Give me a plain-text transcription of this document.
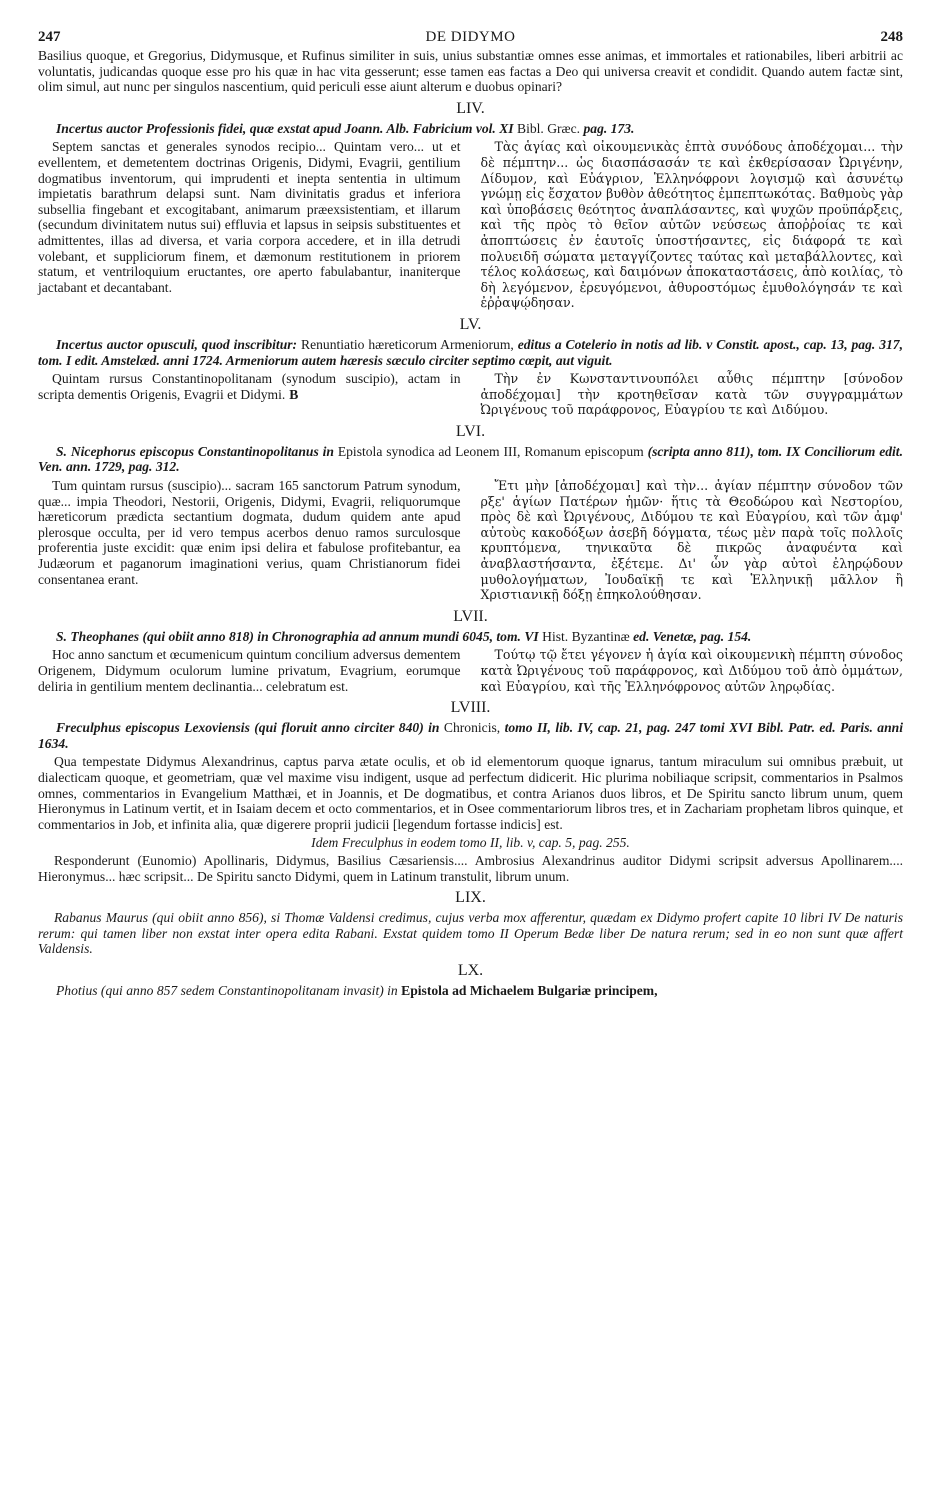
247	DE DIDYMO	248

Basilius quoque, et Gregorius, Didymusque, et Rufinus similiter in suis, unius substantiæ omnes esse animas, et immortales et rationabiles, liberi arbitrii ac voluntatis, judicandas quoque esse pro his quæ in hac vita gesserunt; esse tamen eas factas a Deo qui universa creavit et condidit. Quando autem factæ sint, olim simul, aut nunc per singulos nascentium, quid periculi esse aiunt alterum e duobus opinari?

LIV.

Incertus auctor Professionis fidei, quæ exstat apud Joann. Alb. Fabricium vol. XI Bibl. Græc. pag. 173.

Septem sanctas et generales synodos recipio... Quintam vero... ut et evellentem, et demetentem doctrinas Origenis, Didymi, Evagrii, gentilium dogmatibus inventorum, qui imprudenti et inepta sententia in ultimum impietatis barathrum delapsi sunt. Nam divinitatis gradus et inferiora subsellia fingebant et excogitabant, animarum præexsistentiam, et illarum (secundum divinitatem nutus sui) effluvia et lapsus in seipsis substituentes et admittentes, illas ad diversa, et varia corpora accedere, et in illa detrudi volebant, et suppliciorum finem, et dæmonum restitutionem in priorem statum, et ventriloquium eructantes, ore aperto fabulabantur, inaniterque jactabant et decantabant.

Τὰς ἁγίας καὶ οἰκουμενικὰς ἑπτὰ συνόδους ἀποδέχομαι... τὴν δὲ πέμπτην... ὡς διασπάσασάν τε καὶ ἐκθερίσασαν Ὠριγένην, Δίδυμον, καὶ Εὐάγριον, Ἑλληνόφρονι λογισμῷ καὶ ἀσυνέτῳ γνώμῃ εἰς ἔσχατον βυθὸν ἀθεότητος ἐμπεπτωκότας. Βαθμοὺς γὰρ καὶ ὑποβάσεις θεότητος ἀναπλάσαντες, καὶ ψυχῶν προϋπάρξεις, καὶ τῆς πρὸς τὸ θεῖον αὐτῶν νεύσεως ἀποῤῥοίας τε καὶ ἀποπτώσεις ἐν ἑαυτοῖς ὑποστήσαντες, εἰς διάφορά τε καὶ πολυειδῆ σώματα μεταγγίζοντες ταύτας καὶ μεταβάλλοντες, καὶ τέλος κολάσεως, καὶ δαιμόνων ἀποκαταστάσεις, ἀπὸ κοιλίας, τὸ δὴ λεγόμενον, ἐρευγόμενοι, ἀθυροστόμως ἐμυθολόγησάν τε καὶ ἐῤῥαψῴδησαν.

LV.

Incertus auctor opusculi, quod inscribitur: Renuntiatio hæreticorum Armeniorum, editus a Cotelerio in notis ad lib. v Constit. apost., cap. 13, pag. 317, tom. I edit. Amstelæd. anni 1724. Armeniorum autem hæresis sæculo circiter septimo cœpit, aut viguit.

Quintam rursus Constantinopolitanam (synodum suscipio), actam in scripta dementis Origenis, Evagrii et Didymi. B

Τὴν ἐν Κωνσταντινουπόλει αὖθις πέμπτην [σύνοδον ἀποδέχομαι] τὴν κροτηθεῖσαν κατὰ τῶν συγγραμμάτων Ὠριγένους τοῦ παράφρονος, Εὐαγρίου τε καὶ Διδύμου.

LVI.

S. Nicephorus episcopus Constantinopolitanus in Epistola synodica ad Leonem III, Romanum episcopum (scripta anno 811), tom. IX Conciliorum edit. Ven. ann. 1729, pag. 312.

Tum quintam rursus (suscipio)... sacram 165 sanctorum Patrum synodum, quæ... impia Theodori, Nestorii, Origenis, Didymi, Evagrii, reliquorumque hæreticorum prædicta sectantium dogmata, dudum quidem ante apud plerosque occulta, per id vero tempus acerbos denuo ramos surculosque proferentia juste excidit: quæ enim ipsi delira et fabulose profitebantur, ea Judæorum et paganorum imaginationi verius, quam Christianorum fidei consentanea erant.

Ἔτι μὴν [ἀποδέχομαι] καὶ τὴν... ἁγίαν πέμπτην σύνοδον τῶν ρξε' ἁγίων Πατέρων ἡμῶν· ἥτις τὰ Θεοδώρου καὶ Νεστορίου, πρὸς δὲ καὶ Ὠριγένους, Διδύμου τε καὶ Εὐαγρίου, καὶ τῶν ἀμφ' αὐτοὺς κακοδόξων ἀσεβῆ δόγματα, τέως μὲν παρὰ τοῖς πολλοῖς κρυπτόμενα, τηνικαῦτα δὲ πικρῶς ἀναφυέντα καὶ ἀναβλαστήσαντα, ἐξέτεμε. Δι' ὧν γὰρ αὐτοὶ ἐληρῴδουν μυθολογήματων, Ἰουδαϊκῇ τε καὶ Ἑλληνικῇ μᾶλλον ἢ Χριστιανικῇ δόξῃ ἐπηκολούθησαν.

LVII.

S. Theophanes (qui obiit anno 818) in Chronographia ad annum mundi 6045, tom. VI Hist. Byzantinæ ed. Venetæ, pag. 154.

Hoc anno sanctum et œcumenicum quintum concilium adversus dementem Origenem, Didymum oculorum lumine privatum, Evagrium, eorumque deliria in gentilium mentem declinantia... celebratum est.

Τούτῳ τῷ ἔτει γέγονεν ἡ ἁγία καὶ οἰκουμενικὴ πέμπτη σύνοδος κατὰ Ὠριγένους τοῦ παράφρονος, καὶ Διδύμου τοῦ ἀπὸ ὀμμάτων, καὶ Εὐαγρίου, καὶ τῆς Ἑλληνόφρονος αὐτῶν ληρῳδίας.

LVIII.

Freculphus episcopus Lexoviensis (qui floruit anno circiter 840) in Chronicis, tomo II, lib. IV, cap. 21, pag. 247 tomi XVI Bibl. Patr. ed. Paris. anni 1634.

Qua tempestate Didymus Alexandrinus, captus parva ætate oculis, et ob id elementorum quoque ignarus, tantum miraculum sui omnibus præbuit, ut dialecticam quoque, et geometriam, quæ vel maxime visu indigent, usque ad perfectum didicerit. Hic plurima nobiliaque scripsit, commentarios in Psalmos omnes, commentarios in Evangelium Matthæi, et in Joannis, et De dogmatibus, et contra Arianos duos libros, et De Spiritu sancto librum unum, quem Hieronymus in Latinum vertit, et in Isaiam decem et octo commentarios, et in Osee commentariorum libros tres, et in Zachariam prophetam libros quinque, et commentarios in Job, et infinita alia, quæ digerere proprii judicii [legendum fortasse indicis] est.

Idem Freculphus in eodem tomo II, lib. v, cap. 5, pag. 255.

Responderunt (Eunomio) Apollinaris, Didymus, Basilius Cæsariensis.... Ambrosius Alexandrinus auditor Didymi scripsit adversus Apollinarem.... Hieronymus... hæc scripsit... De Spiritu sancto Didymi, quem in Latinum transtulit, librum unum.

LIX.

Rabanus Maurus (qui obiit anno 856), si Thomæ Valdensi credimus, cujus verba mox afferentur, quædam ex Didymo profert capite 10 libri IV De naturis rerum: qui tamen liber non exstat inter opera edita Rabani. Exstat quidem tomo II Operum Bedæ liber De natura rerum; sed in eo non sunt quæ affert Valdensis.

LX.

Photius (qui anno 857 sedem Constantinopolitanam invasit) in Epistola ad Michaelem Bulgariæ principem,
